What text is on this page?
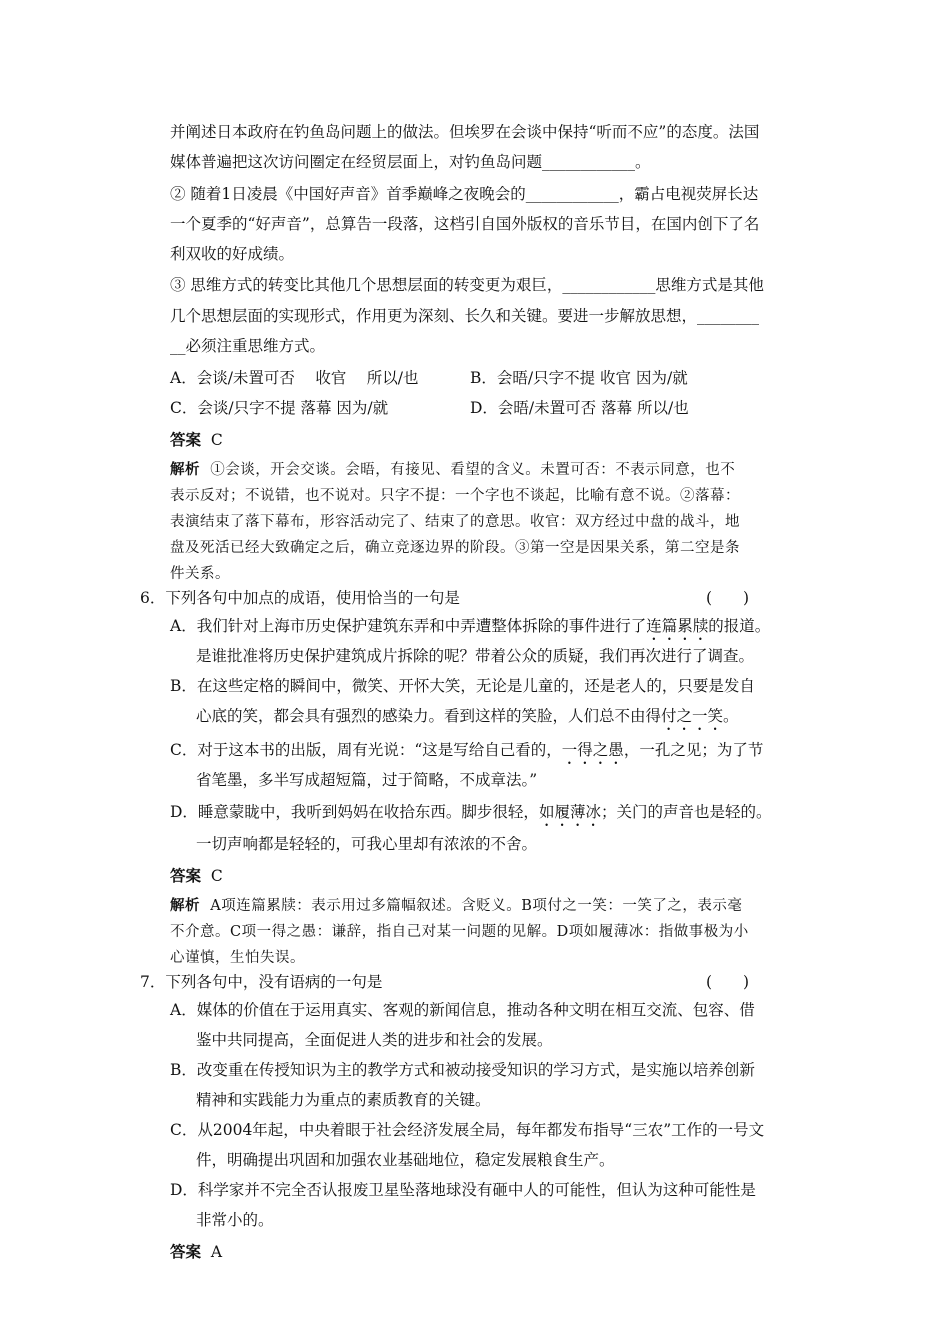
并阐述日本政府在钓鱼岛问题上的做法。但埃罗在会谈中保持“听而不应”的态度。法国
媒体普遍把这次访问圈定在经贸层面上，对钓鱼岛问题____________。
② 随着1日凌晨《中国好声音》首季巅峰之夜晚会的____________，霸占电视荧屏长达
一个夏季的“好声音”，总算告一段落，这档引自国外版权的音乐节目，在国内创下了名
利双收的好成绩。
③ 思维方式的转变比其他几个思想层面的转变更为艰巨，____________思维方式是其他
几个思想层面的实现形式，作用更为深刻、长久和关键。要进一步解放思想，________
__必须注重思维方式。
A．会谈/未置可否　 收官　 所以/也	B．会晤/只字不提 收官 因为/就
C．会谈/只字不提 落幕 因为/就	D．会晤/未置可否 落幕 所以/也
答案 C
解析 ①会谈，开会交谈。会晤，有接见、看望的含义。未置可否：不表示同意，也不
表示反对；不说错，也不说对。只字不提：一个字也不谈起，比喻有意不说。②落幕：
表演结束了落下幕布，形容活动完了、结束了的意思。收官：双方经过中盘的战斗，地
盘及死活已经大致确定之后，确立竞逐边界的阶段。③第一空是因果关系，第二空是条
件关系。
6．下列各句中加点的成语，使用恰当的一句是	(　　)
A．我们针对上海市历史保护建筑东弄和中弄遭整体拆除的事件进行了连篇累牍的报道。
是谁批准将历史保护建筑成片拆除的呢？带着公众的质疑，我们再次进行了调查。
B．在这些定格的瞬间中，微笑、开怀大笑，无论是儿童的，还是老人的，只要是发自
心底的笑，都会具有强烈的感染力。看到这样的笑脸，人们总不由得付之一笑。
C．对于这本书的出版，周有光说：“这是写给自己看的，一得之愚，一孔之见；为了节
省笔墨，多半写成超短篇，过于简略，不成章法。”
D．睡意蒙眬中，我听到妈妈在收拾东西。脚步很轻，如履薄冰；关门的声音也是轻的。
一切声响都是轻轻的，可我心里却有浓浓的不舍。
答案 C
解析 A项连篇累牍：表示用过多篇幅叙述。含贬义。B项付之一笑：一笑了之，表示毫
不介意。C项一得之愚：谦辞，指自己对某一问题的见解。D项如履薄冰：指做事极为小
心谨慎，生怕失误。
7．下列各句中，没有语病的一句是	(　　)
A．媒体的价值在于运用真实、客观的新闻信息，推动各种文明在相互交流、包容、借
鉴中共同提高，全面促进人类的进步和社会的发展。
B．改变重在传授知识为主的教学方式和被动接受知识的学习方式，是实施以培养创新
精神和实践能力为重点的素质教育的关键。
C．从2004年起，中央着眼于社会经济发展全局，每年都发布指导“三农”工作的一号文
件，明确提出巩固和加强农业基础地位，稳定发展粮食生产。
D．科学家并不完全否认报废卫星坠落地球没有砸中人的可能性，但认为这种可能性是
非常小的。
答案 A
